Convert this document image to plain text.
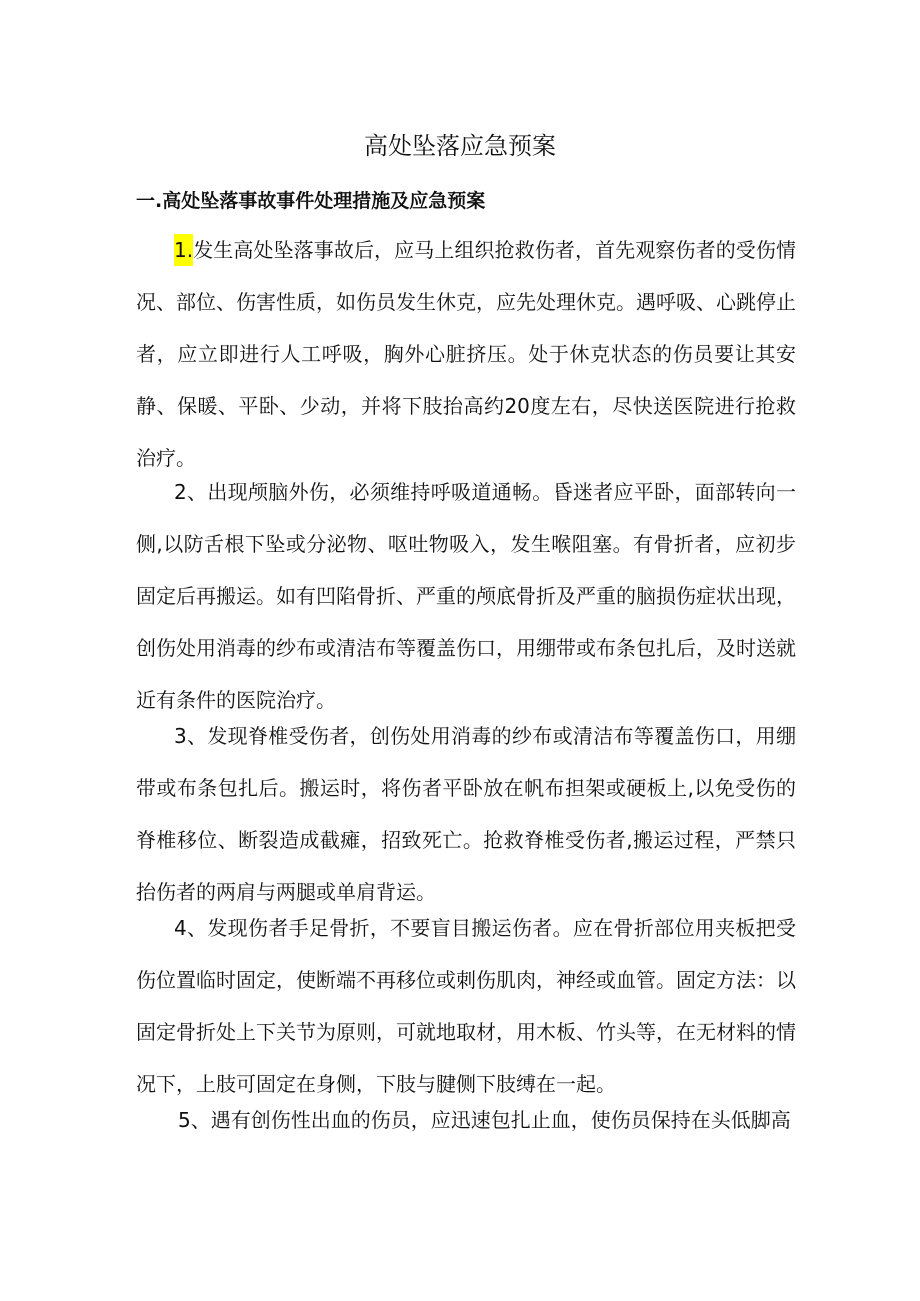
高处坠落应急预案
一.高处坠落事故事件处理措施及应急预案

1.发生高处坠落事故后，应马上组织抢救伤者，首先观察伤者的受伤情况、部位、伤害性质，如伤员发生休克，应先处理休克。遇呼吸、心跳停止者，应立即进行人工呼吸，胸外心脏挤压。处于休克状态的伤员要让其安静、保暖、平卧、少动，并将下肢抬高约20度左右，尽快送医院进行抢救治疗。

2、出现颅脑外伤，必须维持呼吸道通畅。昏迷者应平卧，面部转向一侧,以防舌根下坠或分泌物、呕吐物吸入，发生喉阻塞。有骨折者，应初步固定后再搬运。如有凹陷骨折、严重的颅底骨折及严重的脑损伤症状出现，创伤处用消毒的纱布或清洁布等覆盖伤口，用绷带或布条包扎后，及时送就近有条件的医院治疗。

3、发现脊椎受伤者，创伤处用消毒的纱布或清洁布等覆盖伤口，用绷带或布条包扎后。搬运时，将伤者平卧放在帆布担架或硬板上,以免受伤的脊椎移位、断裂造成截瘫，招致死亡。抢救脊椎受伤者,搬运过程，严禁只抬伤者的两肩与两腿或单肩背运。

4、发现伤者手足骨折，不要盲目搬运伤者。应在骨折部位用夹板把受伤位置临时固定，使断端不再移位或刺伤肌肉，神经或血管。固定方法：以固定骨折处上下关节为原则，可就地取材，用木板、竹头等，在无材料的情况下，上肢可固定在身侧，下肢与腱侧下肢缚在一起。

5、遇有创伤性出血的伤员，应迅速包扎止血，使伤员保持在头低脚高
